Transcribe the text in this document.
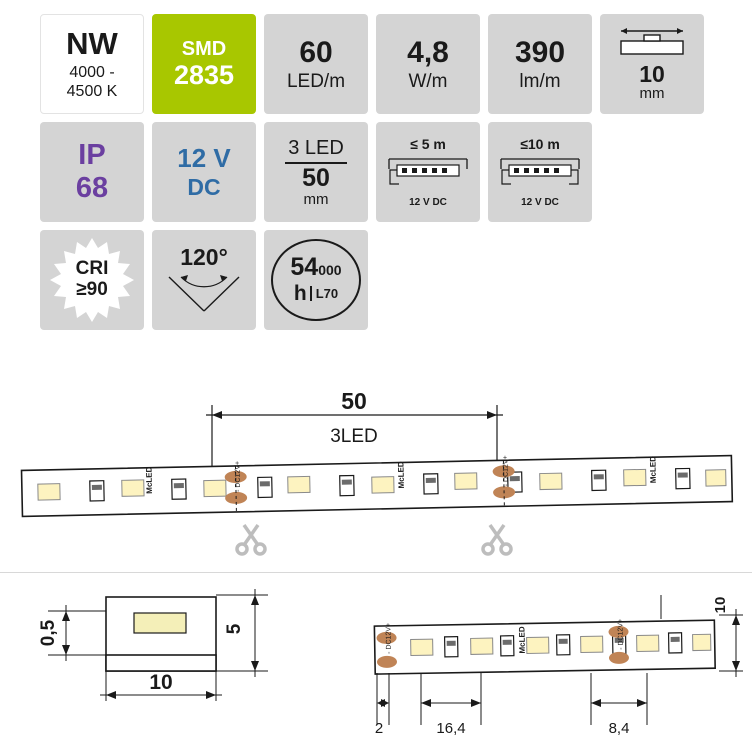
NW
4000 -
4500 K
SMD
2835
60
LED/m
4,8
W/m
390
lm/m	10
mm
IP
68
12 V
DC
3 LED
50
mm
≤ 5 m
12 V DC
≤10 m
12 V DC
CRI
≥90
120°	54000
h L70
50
3LED
- DC12V+	- DC12V+
McLED	McLED	McLED
0,5	5
10
- DC12V+	- DC12V+
McLED
10
2	16,4	8,4
